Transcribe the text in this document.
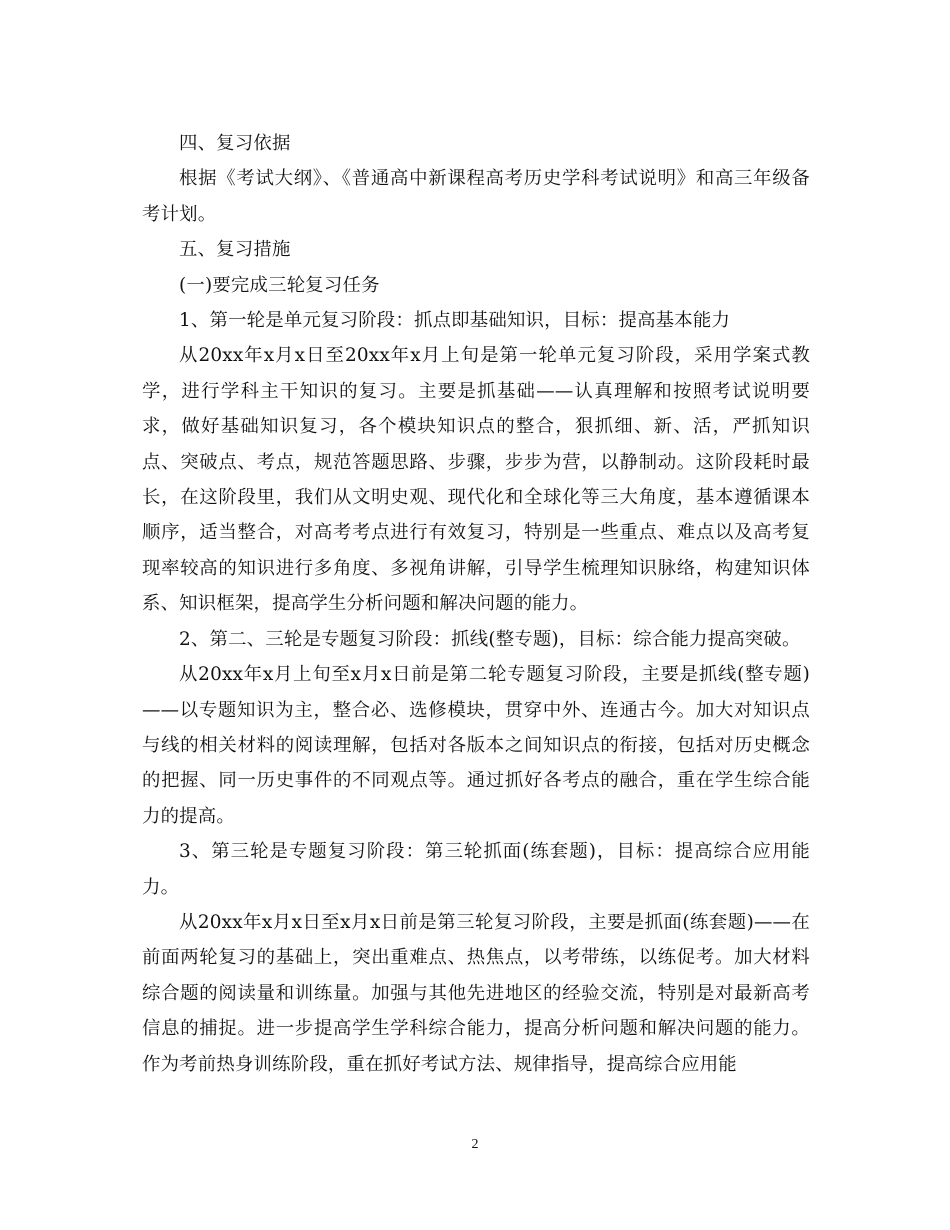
四、复习依据

根据《考试大纲》、《普通高中新课程高考历史学科考试说明》和高三年级备考计划。

五、复习措施

(一)要完成三轮复习任务

1、第一轮是单元复习阶段：抓点即基础知识，目标：提高基本能力

从20xx年x月x日至20xx年x月上旬是第一轮单元复习阶段，采用学案式教学，进行学科主干知识的复习。主要是抓基础——认真理解和按照考试说明要求，做好基础知识复习，各个模块知识点的整合，狠抓细、新、活，严抓知识点、突破点、考点，规范答题思路、步骤，步步为营，以静制动。这阶段耗时最长，在这阶段里，我们从文明史观、现代化和全球化等三大角度，基本遵循课本顺序，适当整合，对高考考点进行有效复习，特别是一些重点、难点以及高考复现率较高的知识进行多角度、多视角讲解，引导学生梳理知识脉络，构建知识体系、知识框架，提高学生分析问题和解决问题的能力。

2、第二、三轮是专题复习阶段：抓线(整专题)，目标：综合能力提高突破。

从20xx年x月上旬至x月x日前是第二轮专题复习阶段，主要是抓线(整专题)——以专题知识为主，整合必、选修模块，贯穿中外、连通古今。加大对知识点与线的相关材料的阅读理解，包括对各版本之间知识点的衔接，包括对历史概念的把握、同一历史事件的不同观点等。通过抓好各考点的融合，重在学生综合能力的提高。

3、第三轮是专题复习阶段：第三轮抓面(练套题)，目标：提高综合应用能力。

从20xx年x月x日至x月x日前是第三轮复习阶段，主要是抓面(练套题)——在前面两轮复习的基础上，突出重难点、热焦点，以考带练，以练促考。加大材料综合题的阅读量和训练量。加强与其他先进地区的经验交流，特别是对最新高考信息的捕捉。进一步提高学生学科综合能力，提高分析问题和解决问题的能力。作为考前热身训练阶段，重在抓好考试方法、规律指导，提高综合应用能

2
